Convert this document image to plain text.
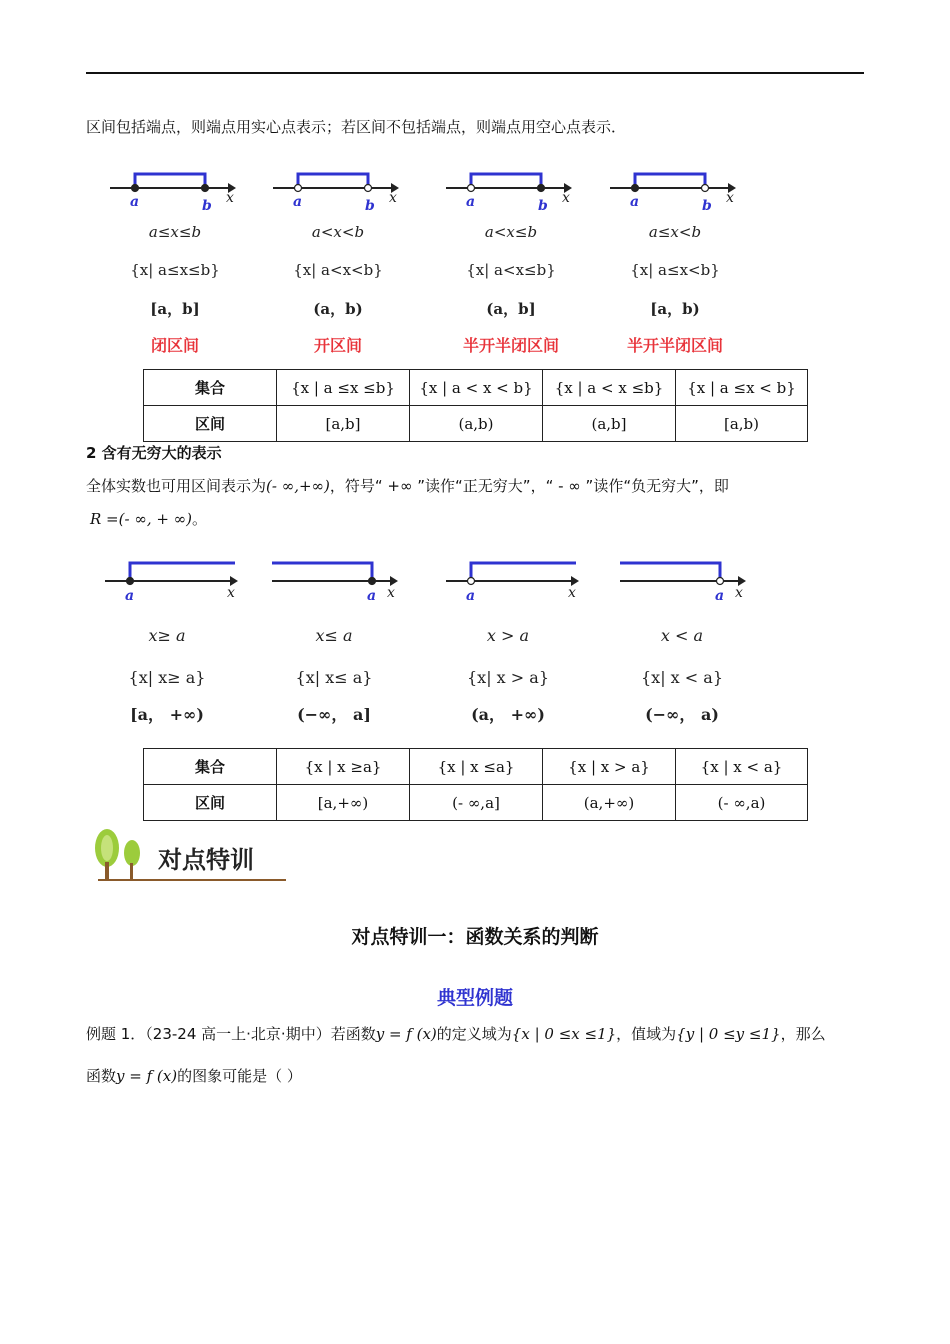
区间包括端点，则端点用实心点表示；若区间不包括端点，则端点用空心点表示．
a	b x
a≤x≤b
{x| a≤x≤b}
[a，b]
闭区间
a	b x
a<x<b
{x| a<x<b}
(a，b)
开区间
a	b x
a<x≤b
{x| a<x≤b}
(a，b]
半开半闭区间
a	b x
a≤x<b
{x| a≤x<b}
[a，b)
半开半闭区间
集合	{x | a ≤x ≤b}	{x | a < x < b}	{x | a < x ≤b}	{x | a ≤x < b}
区间	[a,b]	(a,b)	(a,b]	[a,b)
2 含有无穷大的表示
全体实数也可用区间表示为(- ∞,+∞)，符号“ +∞ ”读作“正无穷大”，“ - ∞ ”读作“负无穷大”，即
R =(- ∞, + ∞)。
a	x
x≥ a
{x| x≥ a}
[a， +∞)
a x
x≤ a
{x| x≤ a}
(−∞， a]
a	x
x > a
{x| x > a}
(a， +∞)
a x
x < a
{x| x < a}
(−∞， a)
集合	{x | x ≥a}	{x | x ≤a}	{x | x > a}	{x | x < a}
区间	[a,+∞)	(- ∞,a]	(a,+∞)	(- ∞,a)
对点特训
对点特训一：函数关系的判断
典型例题
例题 1．（23-24 高一上·北京·期中）若函数y = f (x)的定义域为{x | 0 ≤x ≤1}，值域为{y | 0 ≤y ≤1}，那么
函数y = f (x)的图象可能是（ ）
